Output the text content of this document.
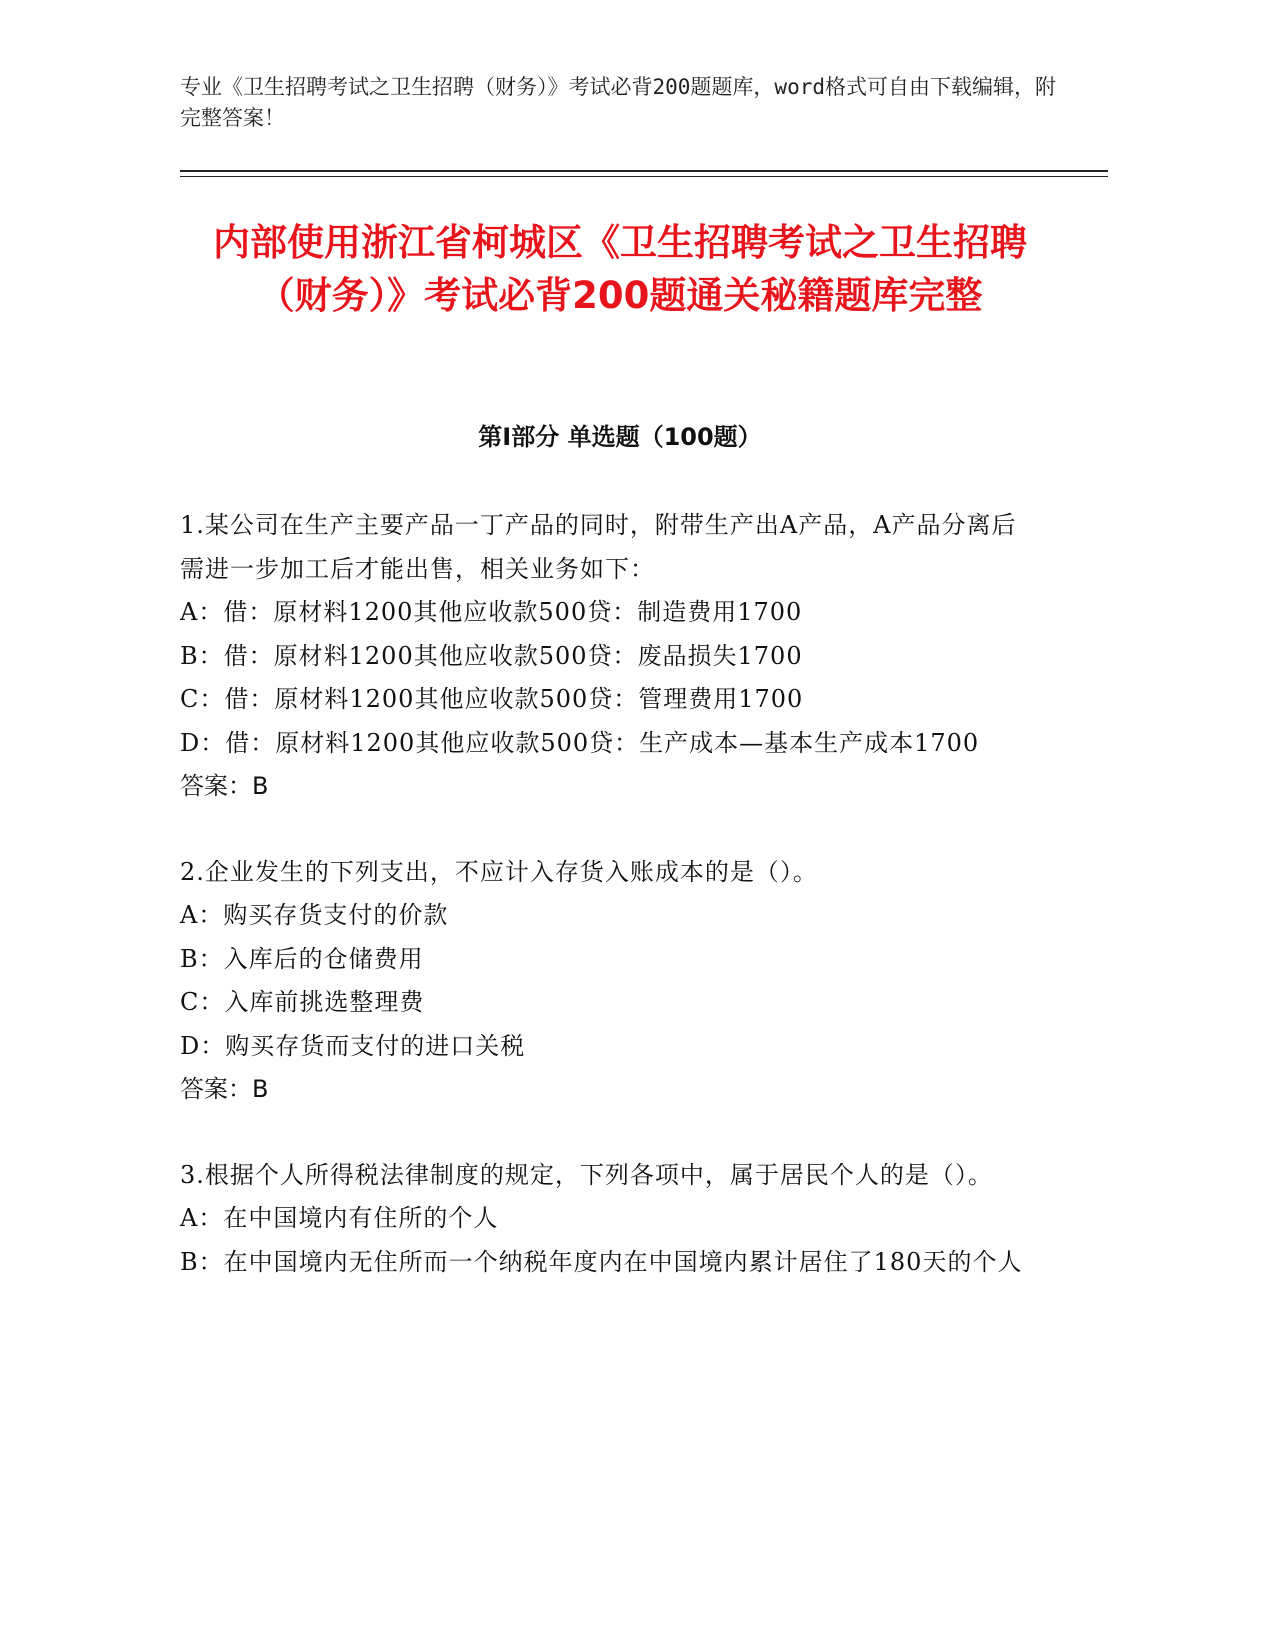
专业《卫生招聘考试之卫生招聘（财务）》考试必背200题题库，word格式可自由下载编辑，附完整答案！

内部使用浙江省柯城区《卫生招聘考试之卫生招聘（财务）》考试必背200题通关秘籍题库完整
第Ⅰ部分 单选题（100题）

1.某公司在生产主要产品一丁产品的同时，附带生产出A产品，A产品分离后需进一步加工后才能出售，相关业务如下：

A：借：原材料1200其他应收款500贷：制造费用1700

B：借：原材料1200其他应收款500贷：废品损失1700

C：借：原材料1200其他应收款500贷：管理费用1700

D：借：原材料1200其他应收款500贷：生产成本—基本生产成本1700

答案：B

2.企业发生的下列支出，不应计入存货入账成本的是（）。

A：购买存货支付的价款

B：入库后的仓储费用

C：入库前挑选整理费

D：购买存货而支付的进口关税

答案：B

3.根据个人所得税法律制度的规定，下列各项中，属于居民个人的是（）。

A：在中国境内有住所的个人

B：在中国境内无住所而一个纳税年度内在中国境内累计居住了180天的个人
